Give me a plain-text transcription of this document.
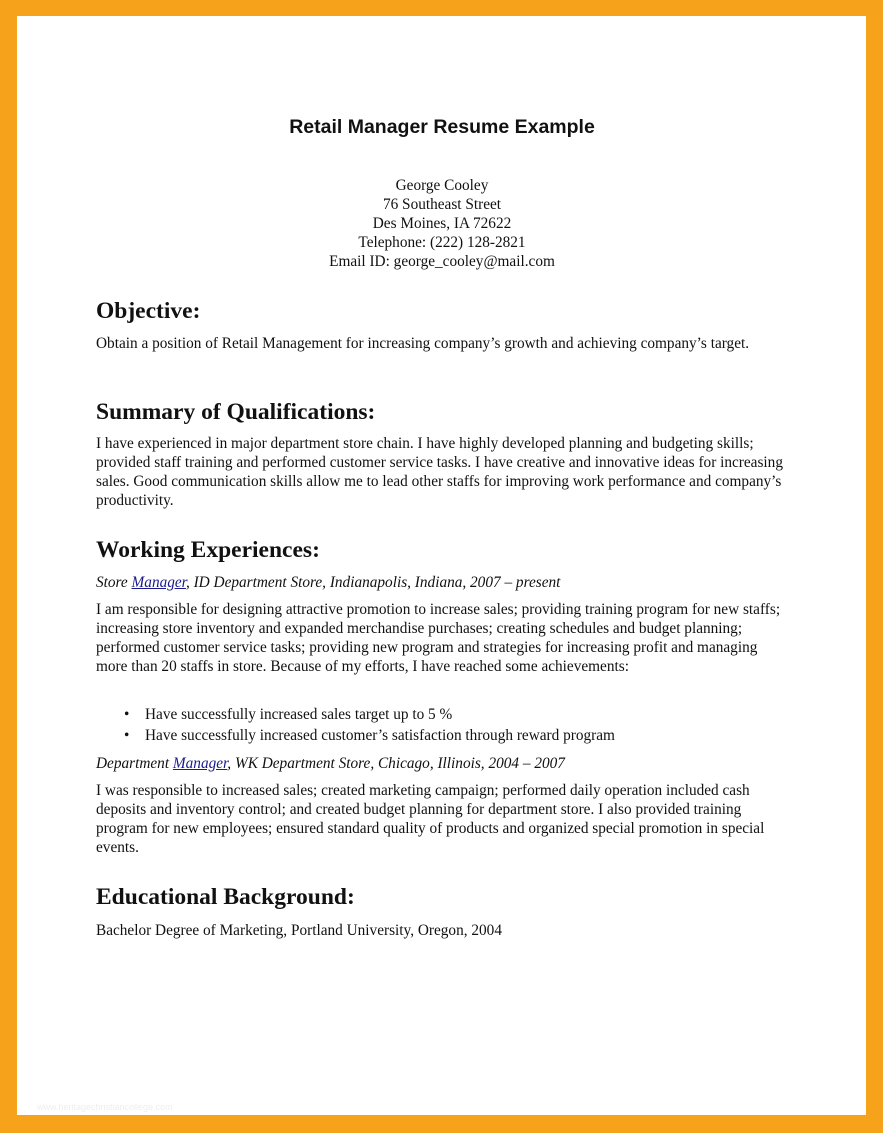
Retail Manager Resume Example
George Cooley
76 Southeast Street
Des Moines, IA 72622
Telephone: (222) 128-2821
Email ID: george_cooley@mail.com
Objective:

Obtain a position of Retail Management for increasing company’s growth and achieving company’s target.

Summary of Qualifications:

I have experienced in major department store chain. I have highly developed planning and budgeting skills; provided staff training and performed customer service tasks. I have creative and innovative ideas for increasing sales. Good communication skills allow me to lead other staffs for improving work performance and company’s productivity.

Working Experiences:

Store Manager, ID Department Store, Indianapolis, Indiana, 2007 – present

I am responsible for designing attractive promotion to increase sales; providing training program for new staffs; increasing store inventory and expanded merchandise purchases; creating schedules and budget planning; performed customer service tasks; providing new program and strategies for increasing profit and managing more than 20 staffs in store. Because of my efforts, I have reached some achievements:

• Have successfully increased sales target up to 5 %
• Have successfully increased customer’s satisfaction through reward program

Department Manager, WK Department Store, Chicago, Illinois, 2004 – 2007

I was responsible to increased sales; created marketing campaign; performed daily operation included cash deposits and inventory control; and created budget planning for department store. I also provided training program for new employees; ensured standard quality of products and organized special promotion in special events.

Educational Background:

Bachelor Degree of Marketing, Portland University, Oregon, 2004

www.heritagechristiancollege.com
